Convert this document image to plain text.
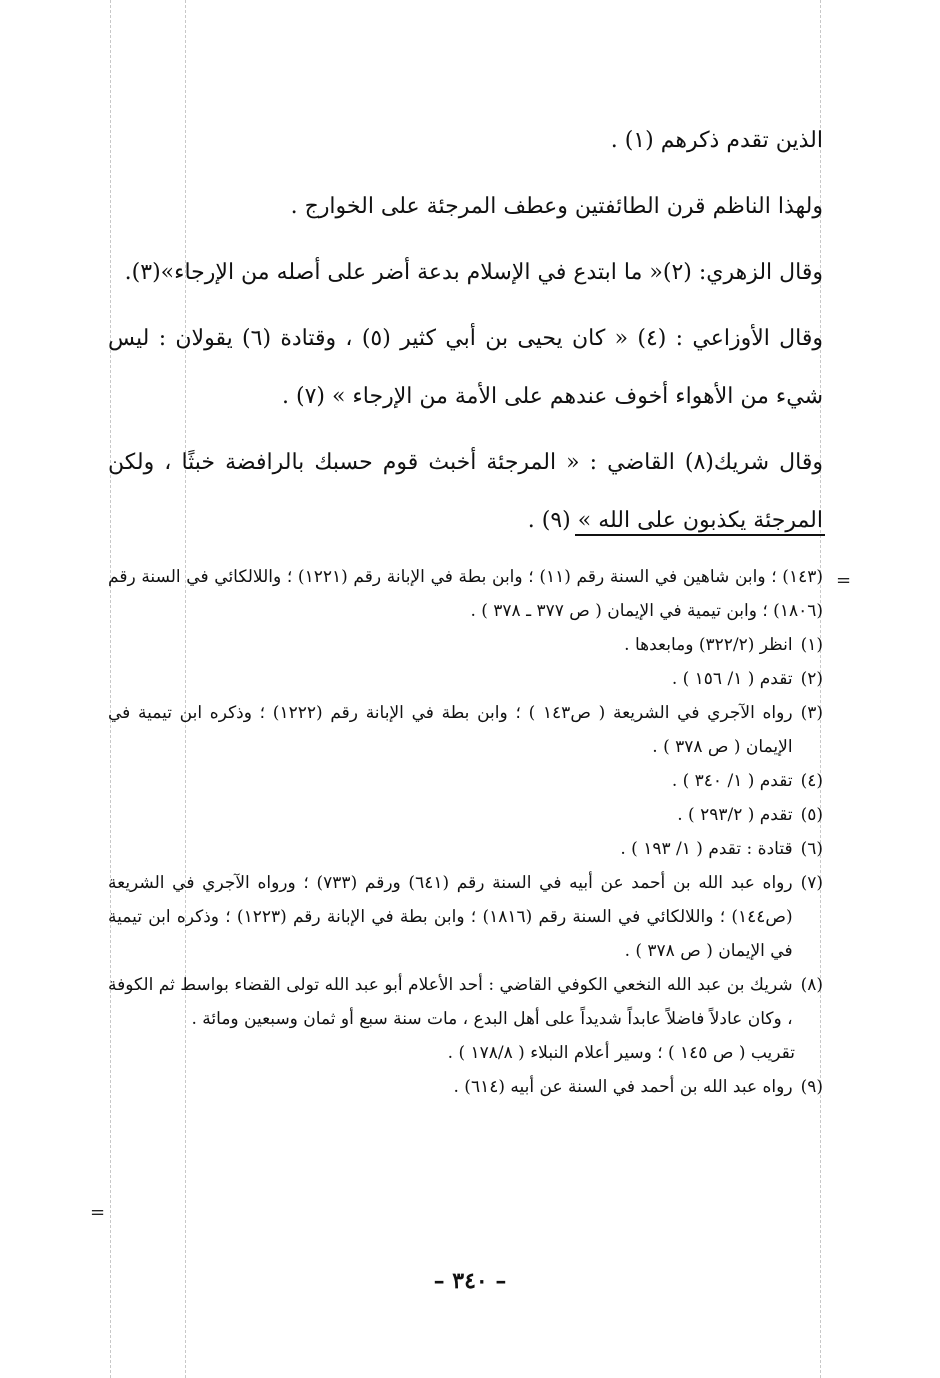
الذين تقدم ذكرهم (١) .

ولهذا الناظم قرن الطائفتين وعطف المرجئة على الخوارج .

وقال الزهري: (٢)« ما ابتدع في الإسلام بدعة أضر على أصله من الإرجاء»(٣).

وقال الأوزاعي : (٤) « كان يحيى بن أبي كثير (٥) ، وقتادة (٦) يقولان : ليس شيء من الأهواء أخوف عندهم على الأمة من الإرجاء » (٧) .

وقال شريك(٨) القاضي : « المرجئة أخبث قوم حسبك بالرافضة خبثًا ، ولكن المرجئة يكذبون على الله » (٩) .

(١٤٣) ؛ وابن شاهين في السنة رقم (١١) ؛ وابن بطة في الإبانة رقم (١٢٢١) ؛ واللالكائي في السنة رقم (١٨٠٦) ؛ وابن تيمية في الإيمان ( ص ٣٧٧ ـ ٣٧٨ ) .
(١)
انظر (٣٢٢/٢) ومابعدها .
(٢)
تقدم ( ١/ ١٥٦ ) .
(٣)
رواه الآجري في الشريعة ( ص١٤٣ ) ؛ وابن بطة في الإبانة رقم (١٢٢٢) ؛ وذكره ابن تيمية في الإيمان ( ص ٣٧٨ ) .
(٤)
تقدم ( ١/ ٣٤٠ ) .
(٥)
تقدم ( ٢٩٣/٢ ) .
(٦)
قتادة : تقدم ( ١/ ١٩٣ ) .
(٧)
رواه عبد الله بن أحمد عن أبيه في السنة رقم (٦٤١) ورقم (٧٣٣) ؛ ورواه الآجري في الشريعة (ص١٤٤) ؛ واللالكائي في السنة رقم (١٨١٦) ؛ وابن بطة في الإبانة رقم (١٢٢٣) ؛ وذكره ابن تيمية في الإيمان ( ص ٣٧٨ ) .
(٨)
شريك بن عبد الله النخعي الكوفي القاضي : أحد الأعلام أبو عبد الله تولى القضاء بواسط ثم الكوفة ، وكان عادلاً فاضلاً عابداً شديداً على أهل البدع ، مات سنة سبع أو ثمان وسبعين ومائة .
تقريب ( ص ١٤٥ ) ؛ وسير أعلام النبلاء ( ١٧٨/٨ ) .
(٩)
رواه عبد الله بن أحمد في السنة عن أبيه (٦١٤) .
=
=
– ٣٤٠ –
